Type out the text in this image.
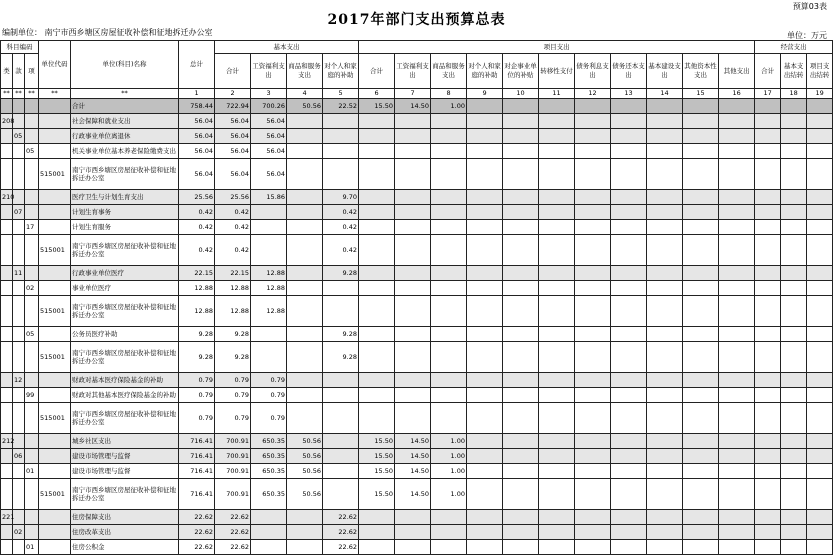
预算03表
2017年部门支出预算总表
编制单位： 南宁市西乡塘区房屋征收补偿和征地拆迁办公室	单位：万元
科目编码			单位代码	单位(科目)名称	总计	基本支出				项目支出											经营支出		
类	款	项				合计	工资福利支出	商品和服务支出	对个人和家庭的补助	合计	工资福利支出	商品和服务支出	对个人和家庭的补助	对企事业单位的补贴	转移性支付	债务利息支出	债务还本支出	基本建设支出	其他资本性支出	其他支出	合计	基本支出结转	项目支出结转
**	**	**	**	**	1	2	3	4	5	6	7	8	9	10	11	12	13	14	15	16	17	18	19
				合计	758.44	722.94	700.26	50.56	22.52	15.50	14.50	1.00											
208				社会保障和就业支出	56.04	56.04	56.04																
	05			行政事业单位离退休	56.04	56.04	56.04																
		05		机关事业单位基本养老保险缴费支出	56.04	56.04	56.04																
			515001	南宁市西乡塘区房屋征收补偿和征地拆迁办公室	56.04	56.04	56.04																
210				医疗卫生与计划生育支出	25.56	25.56	15.86		9.70														
	07			计划生育事务	0.42	0.42			0.42														
		17		计划生育服务	0.42	0.42			0.42														
			515001	南宁市西乡塘区房屋征收补偿和征地拆迁办公室	0.42	0.42			0.42														
	11			行政事业单位医疗	22.15	22.15	12.88		9.28														
		02		事业单位医疗	12.88	12.88	12.88																
			515001	南宁市西乡塘区房屋征收补偿和征地拆迁办公室	12.88	12.88	12.88																
		05		公务员医疗补助	9.28	9.28			9.28														
			515001	南宁市西乡塘区房屋征收补偿和征地拆迁办公室	9.28	9.28			9.28														
	12			财政对基本医疗保险基金的补助	0.79	0.79	0.79																
		99		财政对其他基本医疗保险基金的补助	0.79	0.79	0.79																
			515001	南宁市西乡塘区房屋征收补偿和征地拆迁办公室	0.79	0.79	0.79																
212				城乡社区支出	716.41	700.91	650.35	50.56		15.50	14.50	1.00											
	06			建设市场管理与监督	716.41	700.91	650.35	50.56		15.50	14.50	1.00											
		01		建设市场管理与监督	716.41	700.91	650.35	50.56		15.50	14.50	1.00											
			515001	南宁市西乡塘区房屋征收补偿和征地拆迁办公室	716.41	700.91	650.35	50.56		15.50	14.50	1.00											
221				住房保障支出	22.62	22.62			22.62														
	02			住房改革支出	22.62	22.62			22.62														
		01		住房公积金	22.62	22.62			22.62														
